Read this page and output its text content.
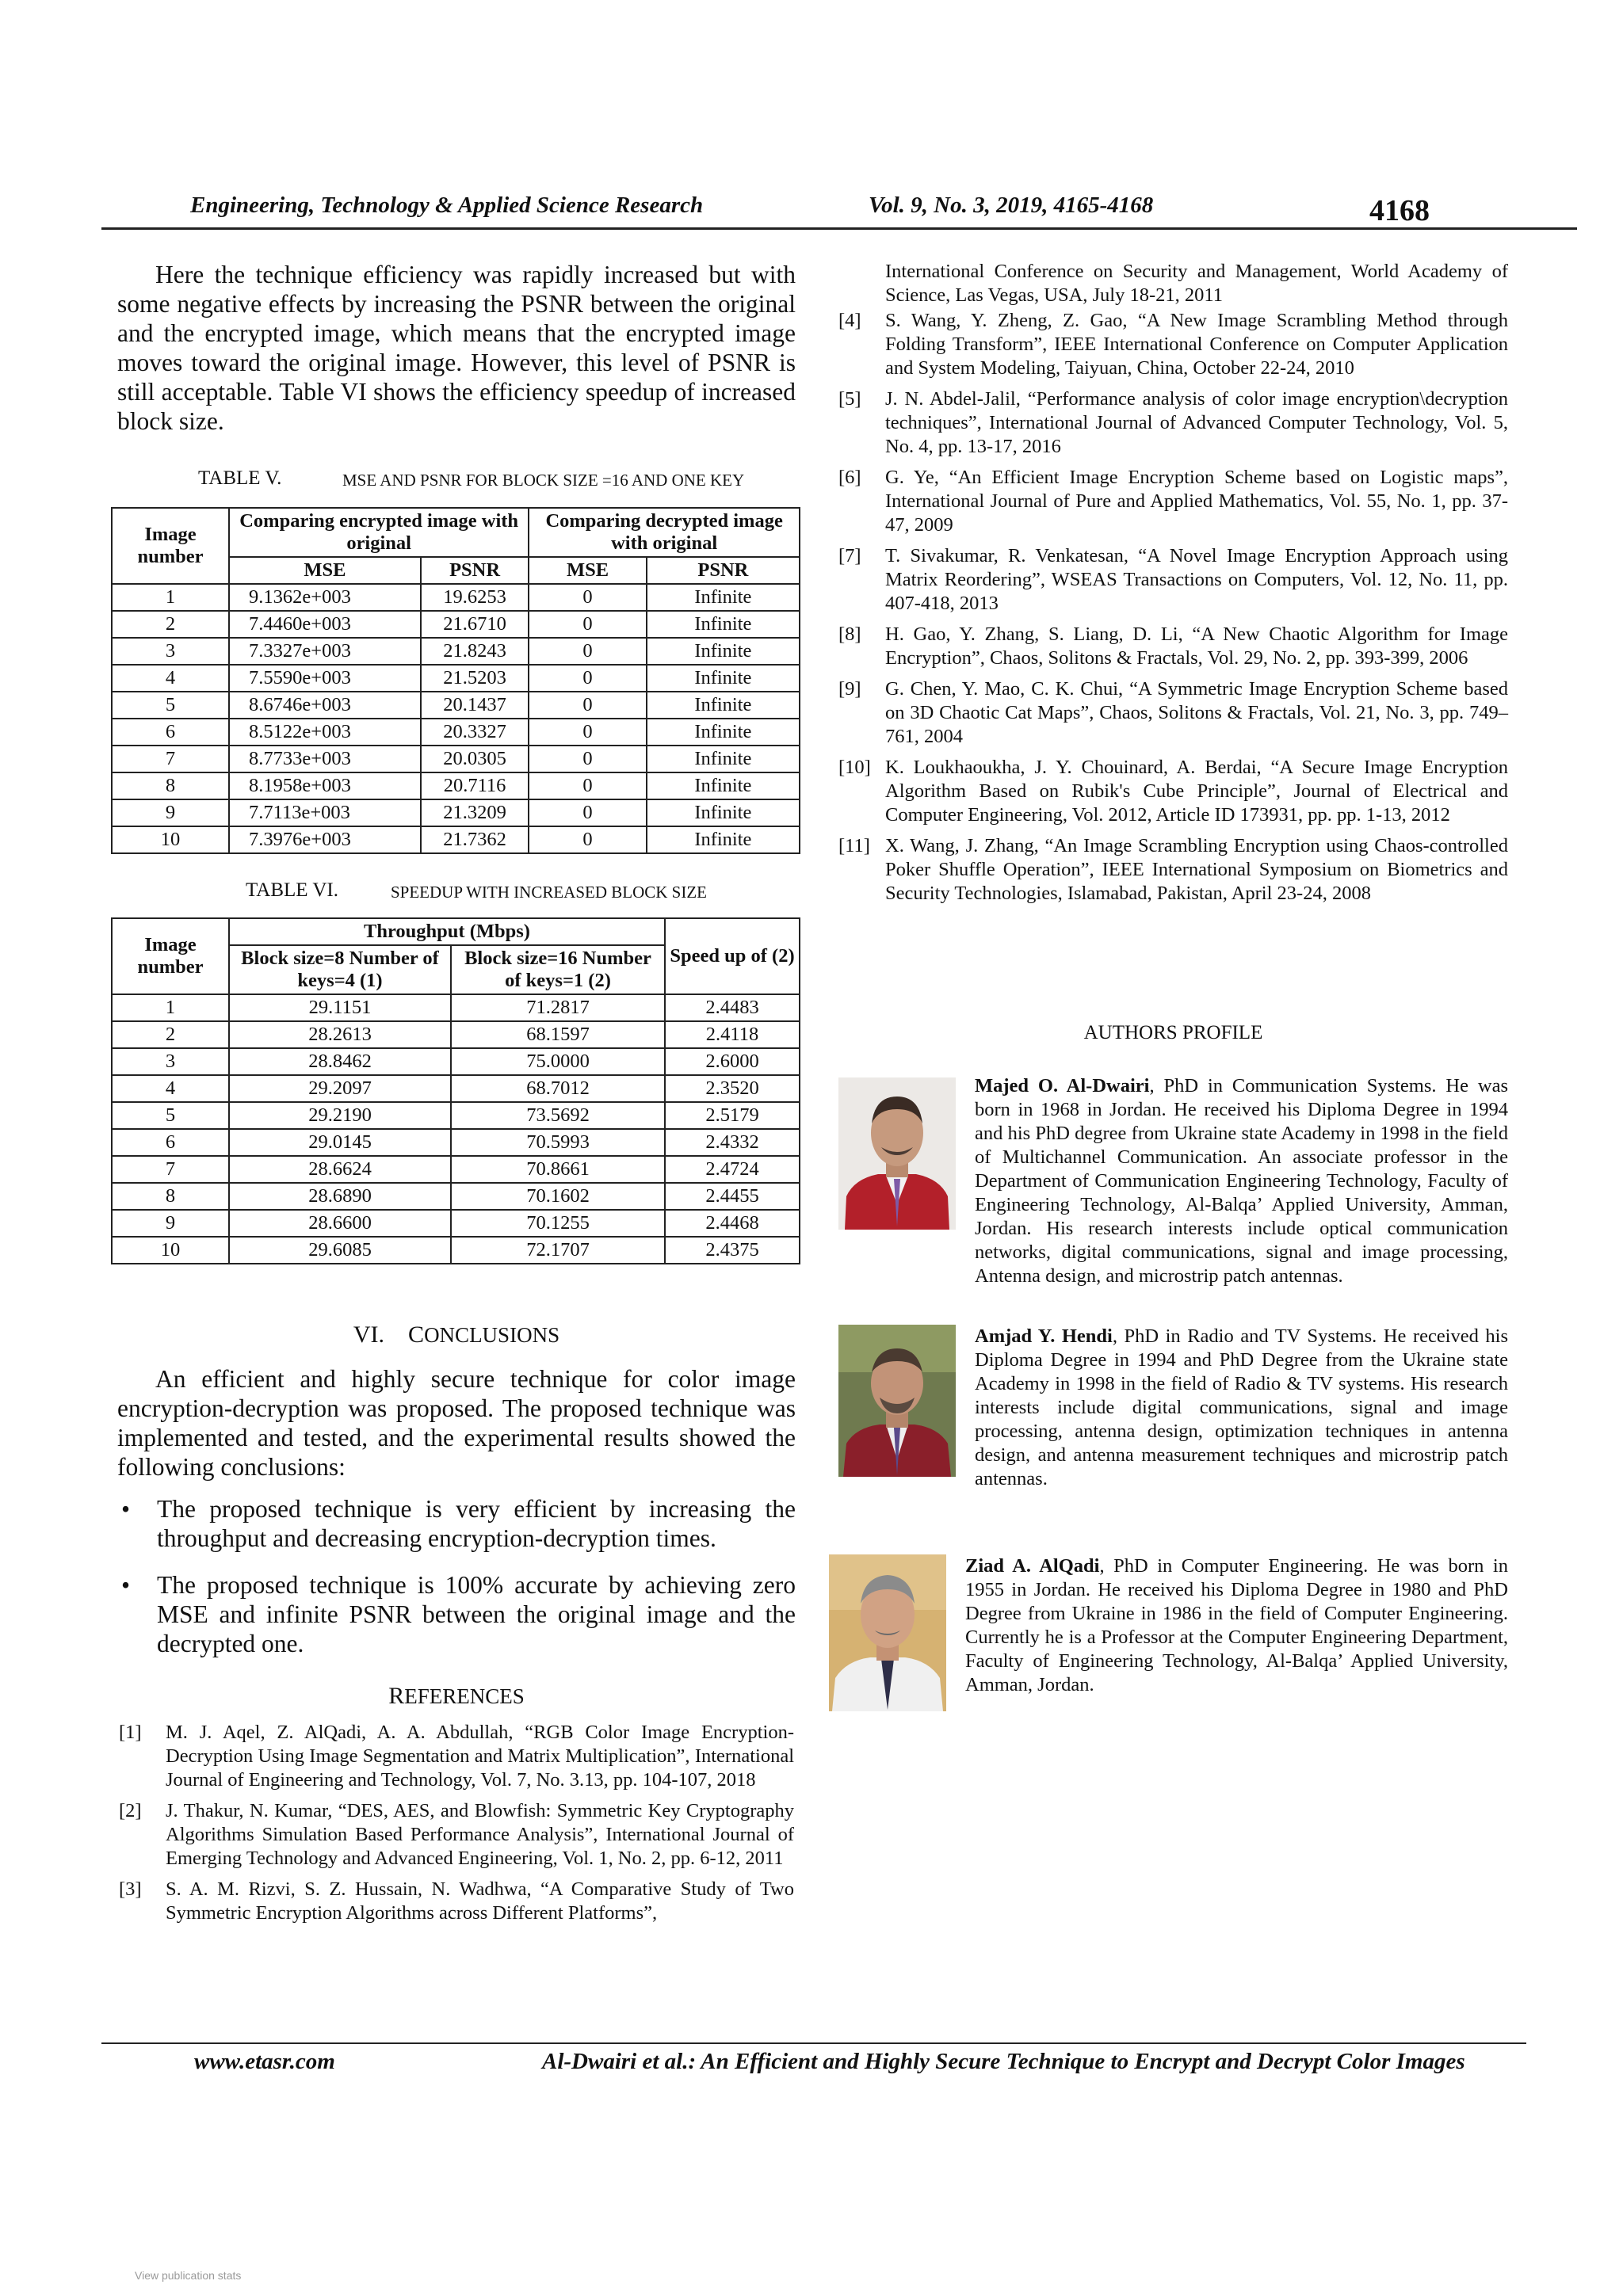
Engineering, Technology & Applied Science Research	Vol. 9, No. 3, 2019, 4165-4168	4168

Here the technique efficiency was rapidly increased but with some negative effects by increasing the PSNR between the original and the encrypted image, which means that the encrypted image moves toward the original image. However, this level of PSNR is still acceptable. Table VI shows the efficiency speedup of increased block size.

TABLE V.	MSE AND PSNR FOR BLOCK SIZE =16 AND ONE KEY
Image number	Comparing encrypted image with original		Comparing decrypted image with original	
	MSE	PSNR	MSE	PSNR
1	9.1362e+003	19.6253	0	Infinite
2	7.4460e+003	21.6710	0	Infinite
3	7.3327e+003	21.8243	0	Infinite
4	7.5590e+003	21.5203	0	Infinite
5	8.6746e+003	20.1437	0	Infinite
6	8.5122e+003	20.3327	0	Infinite
7	8.7733e+003	20.0305	0	Infinite
8	8.1958e+003	20.7116	0	Infinite
9	7.7113e+003	21.3209	0	Infinite
10	7.3976e+003	21.7362	0	Infinite
TABLE VI.	SPEEDUP WITH INCREASED BLOCK SIZE
Image number	Throughput (Mbps)		Speed up of (2)
	Block size=8 Number of keys=4 (1)	Block size=16 Number of keys=1 (2)	
1	29.1151	71.2817	2.4483
2	28.2613	68.1597	2.4118
3	28.8462	75.0000	2.6000
4	29.2097	68.7012	2.3520
5	29.2190	73.5692	2.5179
6	29.0145	70.5993	2.4332
7	28.6624	70.8661	2.4724
8	28.6890	70.1602	2.4455
9	28.6600	70.1255	2.4468
10	29.6085	72.1707	2.4375
VI. CONCLUSIONS

An efficient and highly secure technique for color image encryption-decryption was proposed. The proposed technique was implemented and tested, and the experimental results showed the following conclusions:

• The proposed technique is very efficient by increasing the throughput and decreasing encryption-decryption times.
• The proposed technique is 100% accurate by achieving zero MSE and infinite PSNR between the original image and the decrypted one.
REFERENCES
[1] M. J. Aqel, Z. AlQadi, A. A. Abdullah, “RGB Color Image Encryption-Decryption Using Image Segmentation and Matrix Multiplication”, International Journal of Engineering and Technology, Vol. 7, No. 3.13, pp. 104-107, 2018
[2] J. Thakur, N. Kumar, “DES, AES, and Blowfish: Symmetric Key Cryptography Algorithms Simulation Based Performance Analysis”, International Journal of Emerging Technology and Advanced Engineering, Vol. 1, No. 2, pp. 6-12, 2011
[3] S. A. M. Rizvi, S. Z. Hussain, N. Wadhwa, “A Comparative Study of Two Symmetric Encryption Algorithms across Different Platforms”,
International Conference on Security and Management, World Academy of Science, Las Vegas, USA, July 18-21, 2011
[4] S. Wang, Y. Zheng, Z. Gao, “A New Image Scrambling Method through Folding Transform”, IEEE International Conference on Computer Application and System Modeling, Taiyuan, China, October 22-24, 2010
[5] J. N. Abdel-Jalil, “Performance analysis of color image encryption\decryption techniques”, International Journal of Advanced Computer Technology, Vol. 5, No. 4, pp. 13-17, 2016
[6] G. Ye, “An Efficient Image Encryption Scheme based on Logistic maps”, International Journal of Pure and Applied Mathematics, Vol. 55, No. 1, pp. 37-47, 2009
[7] T. Sivakumar, R. Venkatesan, “A Novel Image Encryption Approach using Matrix Reordering”, WSEAS Transactions on Computers, Vol. 12, No. 11, pp. 407-418, 2013
[8] H. Gao, Y. Zhang, S. Liang, D. Li, “A New Chaotic Algorithm for Image Encryption”, Chaos, Solitons & Fractals, Vol. 29, No. 2, pp. 393-399, 2006
[9] G. Chen, Y. Mao, C. K. Chui, “A Symmetric Image Encryption Scheme based on 3D Chaotic Cat Maps”, Chaos, Solitons & Fractals, Vol. 21, No. 3, pp. 749–761, 2004
[10] K. Loukhaoukha, J. Y. Chouinard, A. Berdai, “A Secure Image Encryption Algorithm Based on Rubik's Cube Principle”, Journal of Electrical and Computer Engineering, Vol. 2012, Article ID 173931, pp. pp. 1-13, 2012
[11] X. Wang, J. Zhang, “An Image Scrambling Encryption using Chaos-controlled Poker Shuffle Operation”, IEEE International Symposium on Biometrics and Security Technologies, Islamabad, Pakistan, April 23-24, 2008
AUTHORS PROFILE
Majed O. Al-Dwairi, PhD in Communication Systems. He was born in 1968 in Jordan. He received his Diploma Degree in 1994 and his PhD degree from Ukraine state Academy in 1998 in the field of Multichannel Communication. An associate professor in the Department of Communication Engineering Technology, Faculty of Engineering Technology, Al-Balqa’ Applied University, Amman, Jordan. His research interests include optical communication networks, digital communications, signal and image processing, Antenna design, and microstrip patch antennas.
Amjad Y. Hendi, PhD in Radio and TV Systems. He received his Diploma Degree in 1994 and PhD Degree from the Ukraine state Academy in 1998 in the field of Radio & TV systems. His research interests include digital communications, signal and image processing, antenna design, optimization techniques in antenna design, and antenna measurement techniques and microstrip patch antennas.
Ziad A. AlQadi, PhD in Computer Engineering. He was born in 1955 in Jordan. He received his Diploma Degree in 1980 and PhD Degree from Ukraine in 1986 in the field of Computer Engineering. Currently he is a Professor at the Computer Engineering Department, Faculty of Engineering Technology, Al-Balqa’ Applied University, Amman, Jordan.
www.etasr.com	Al-Dwairi et al.: An Efficient and Highly Secure Technique to Encrypt and Decrypt Color Images
View publication stats
